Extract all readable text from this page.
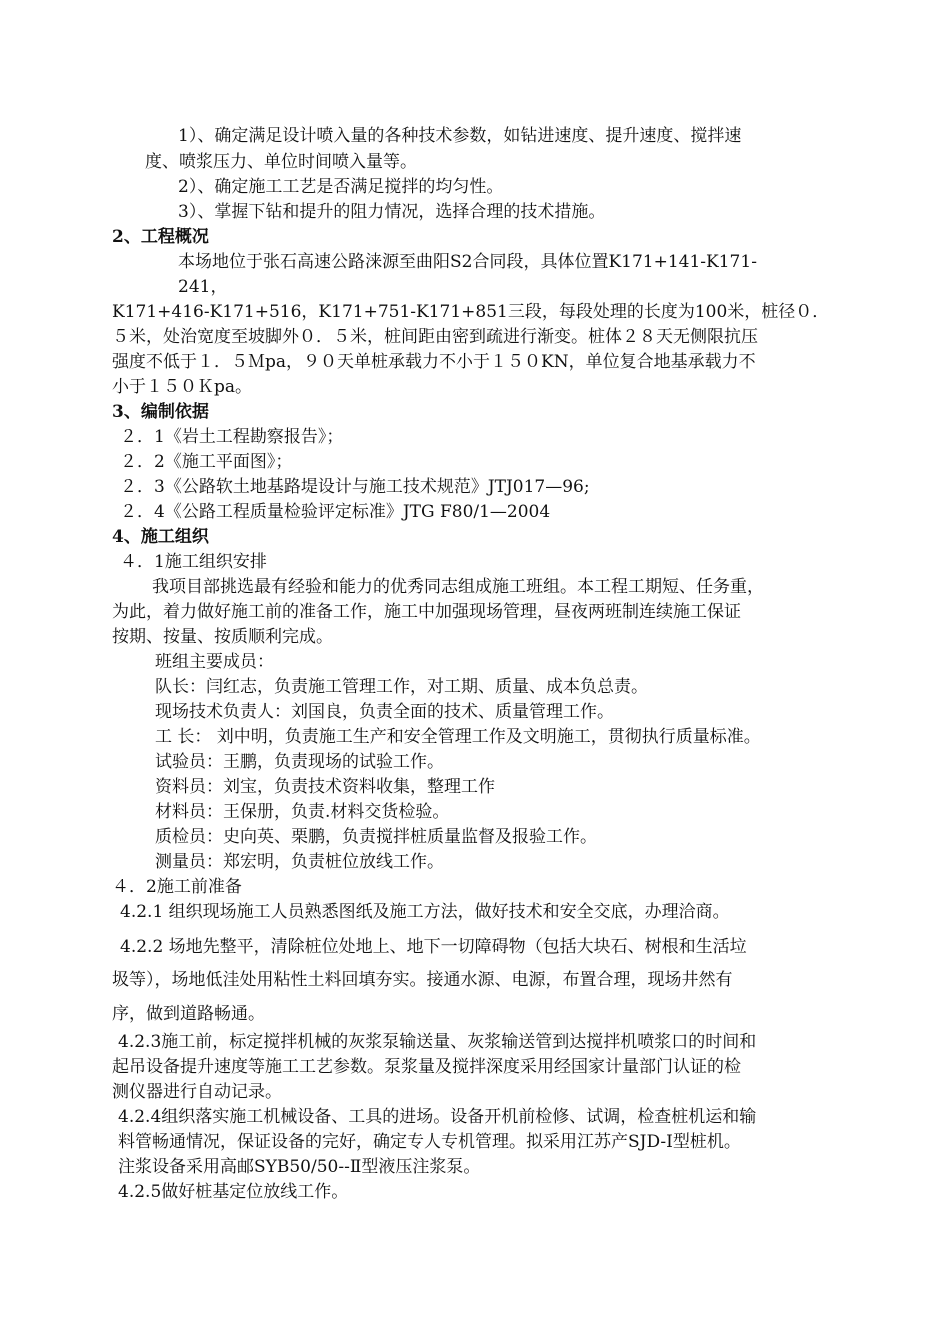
1）、确定满足设计喷入量的各种技术参数，如钻进速度、提升速度、搅拌速
度、喷浆压力、单位时间喷入量等。
2）、确定施工工艺是否满足搅拌的均匀性。
3）、掌握下钻和提升的阻力情况，选择合理的技术措施。
2、工程概况
本场地位于张石高速公路涞源至曲阳S2合同段，具体位置K171+141-K171-
241，
K171+416-K171+516，K171+751-K171+851三段，每段处理的长度为100米，桩径０．
５米，处治宽度至坡脚外０．５米，桩间距由密到疏进行渐变。桩体２８天无侧限抗压
强度不低于１．５Ｍpa，９０天单桩承载力不小于１５０KN，单位复合地基承载力不
小于１５０Ｋpa。
3、编制依据
２．1《岩土工程勘察报告》；
２．2《施工平面图》；
２．3《公路软土地基路堤设计与施工技术规范》JTJ017—96;
２．4《公路工程质量检验评定标准》JTG F80/1—2004
4、施工组织
４．1施工组织安排
我项目部挑选最有经验和能力的优秀同志组成施工班组。本工程工期短、任务重，
为此，着力做好施工前的准备工作，施工中加强现场管理，昼夜两班制连续施工保证
按期、按量、按质顺利完成。
班组主要成员：
队长：闫红志，负责施工管理工作，对工期、质量、成本负总责。
现场技术负责人：刘国良，负责全面的技术、质量管理工作。
工 长： 刘中明，负责施工生产和安全管理工作及文明施工，贯彻执行质量标准。
试验员：王鹏，负责现场的试验工作。
资料员：刘宝，负责技术资料收集，整理工作
材料员：王保册，负责.材料交货检验。
质检员：史向英、栗鹏，负责搅拌桩质量监督及报验工作。
测量员：郑宏明，负责桩位放线工作。
４．2施工前准备
4.2.1 组织现场施工人员熟悉图纸及施工方法，做好技术和安全交底，办理洽商。
4.2.2 场地先整平，清除桩位处地上、地下一切障碍物（包括大块石、树根和生活垃
圾等），场地低洼处用粘性土料回填夯实。接通水源、电源，布置合理，现场井然有
序，做到道路畅通。
4.2.3施工前，标定搅拌机械的灰浆泵输送量、灰浆输送管到达搅拌机喷浆口的时间和
起吊设备提升速度等施工工艺参数。泵浆量及搅拌深度采用经国家计量部门认证的检
测仪器进行自动记录。
4.2.4组织落实施工机械设备、工具的进场。设备开机前检修、试调，检查桩机运和输
料管畅通情况，保证设备的完好，确定专人专机管理。拟采用江苏产SJD-I型桩机。
注浆设备采用高邮SYB50/50--Ⅱ型液压注浆泵。
4.2.5做好桩基定位放线工作。
